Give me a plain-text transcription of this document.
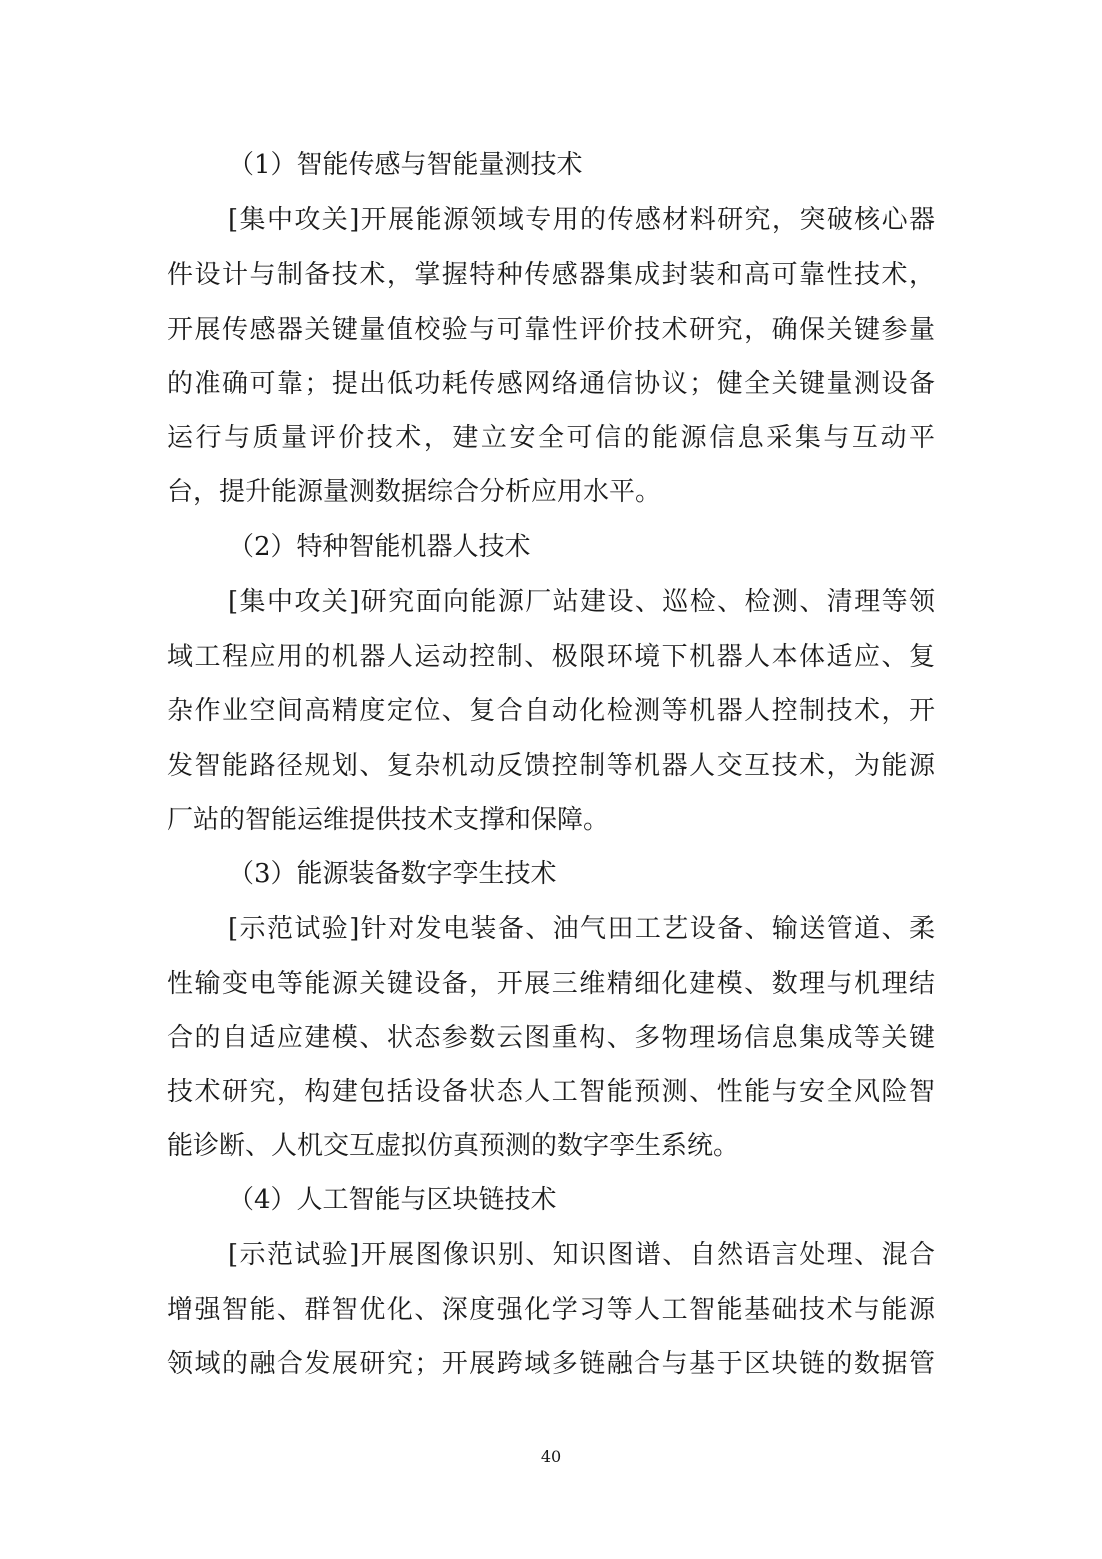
（1）智能传感与智能量测技术
[集中攻关]开展能源领域专用的传感材料研究，突破核心器
件设计与制备技术，掌握特种传感器集成封装和高可靠性技术，
开展传感器关键量值校验与可靠性评价技术研究，确保关键参量
的准确可靠；提出低功耗传感网络通信协议；健全关键量测设备
运行与质量评价技术，建立安全可信的能源信息采集与互动平
台，提升能源量测数据综合分析应用水平。
（2）特种智能机器人技术
[集中攻关]研究面向能源厂站建设、巡检、检测、清理等领
域工程应用的机器人运动控制、极限环境下机器人本体适应、复
杂作业空间高精度定位、复合自动化检测等机器人控制技术，开
发智能路径规划、复杂机动反馈控制等机器人交互技术，为能源
厂站的智能运维提供技术支撑和保障。
（3）能源装备数字孪生技术
[示范试验]针对发电装备、油气田工艺设备、输送管道、柔
性输变电等能源关键设备，开展三维精细化建模、数理与机理结
合的自适应建模、状态参数云图重构、多物理场信息集成等关键
技术研究，构建包括设备状态人工智能预测、性能与安全风险智
能诊断、人机交互虚拟仿真预测的数字孪生系统。
（4）人工智能与区块链技术
[示范试验]开展图像识别、知识图谱、自然语言处理、混合
增强智能、群智优化、深度强化学习等人工智能基础技术与能源
领域的融合发展研究；开展跨域多链融合与基于区块链的数据管
40
